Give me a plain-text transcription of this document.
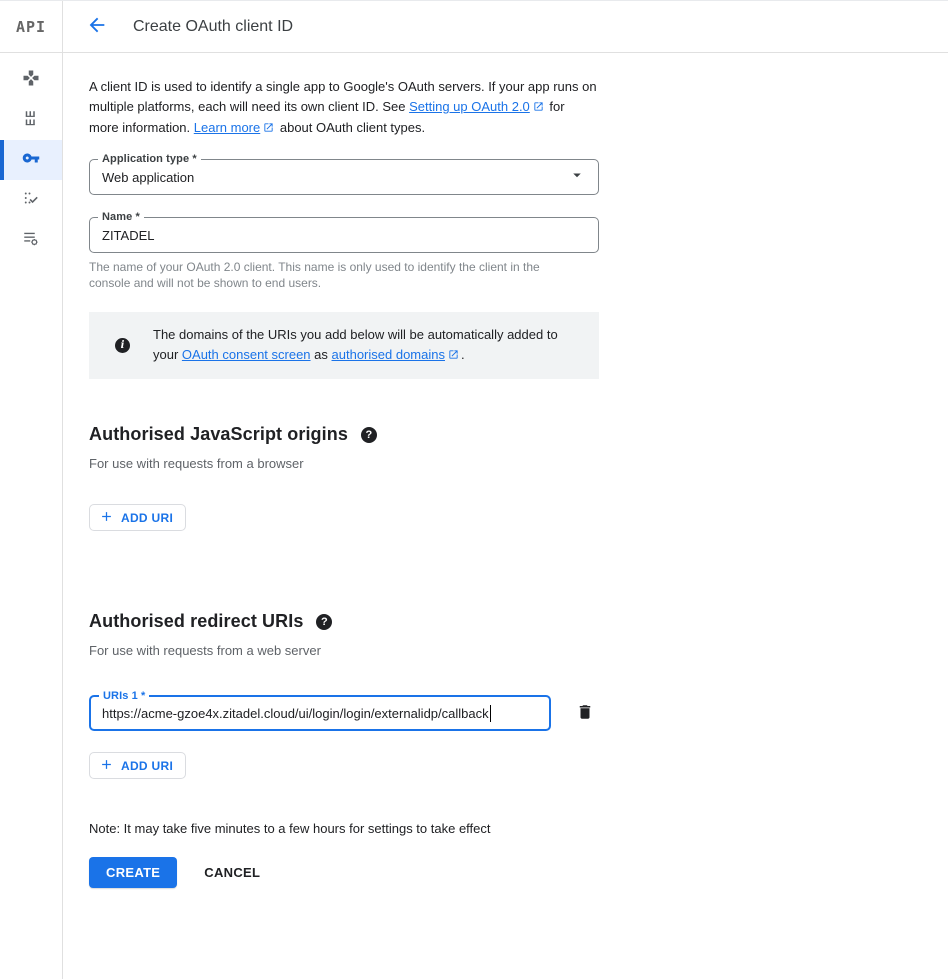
API	Create OAuth client ID

A client ID is used to identify a single app to Google's OAuth servers. If your app runs on multiple platforms, each will need its own client ID. See Setting up OAuth 2.0 for more information. Learn more about OAuth client types.

Application type *
Web application
Name *
ZITADEL

The name of your OAuth 2.0 client. This name is only used to identify the client in the console and will not be shown to end users.

i
The domains of the URIs you add below will be automatically added to your OAuth consent screen as authorised domains .
Authorised JavaScript origins	?

For use with requests from a browser

ADD URI
Authorised redirect URIs	?

For use with requests from a web server

URIs 1 *
https://acme-gzoe4x.zitadel.cloud/ui/login/login/externalidp/callback
ADD URI

Note: It may take five minutes to a few hours for settings to take effect

CREATE	CANCEL
